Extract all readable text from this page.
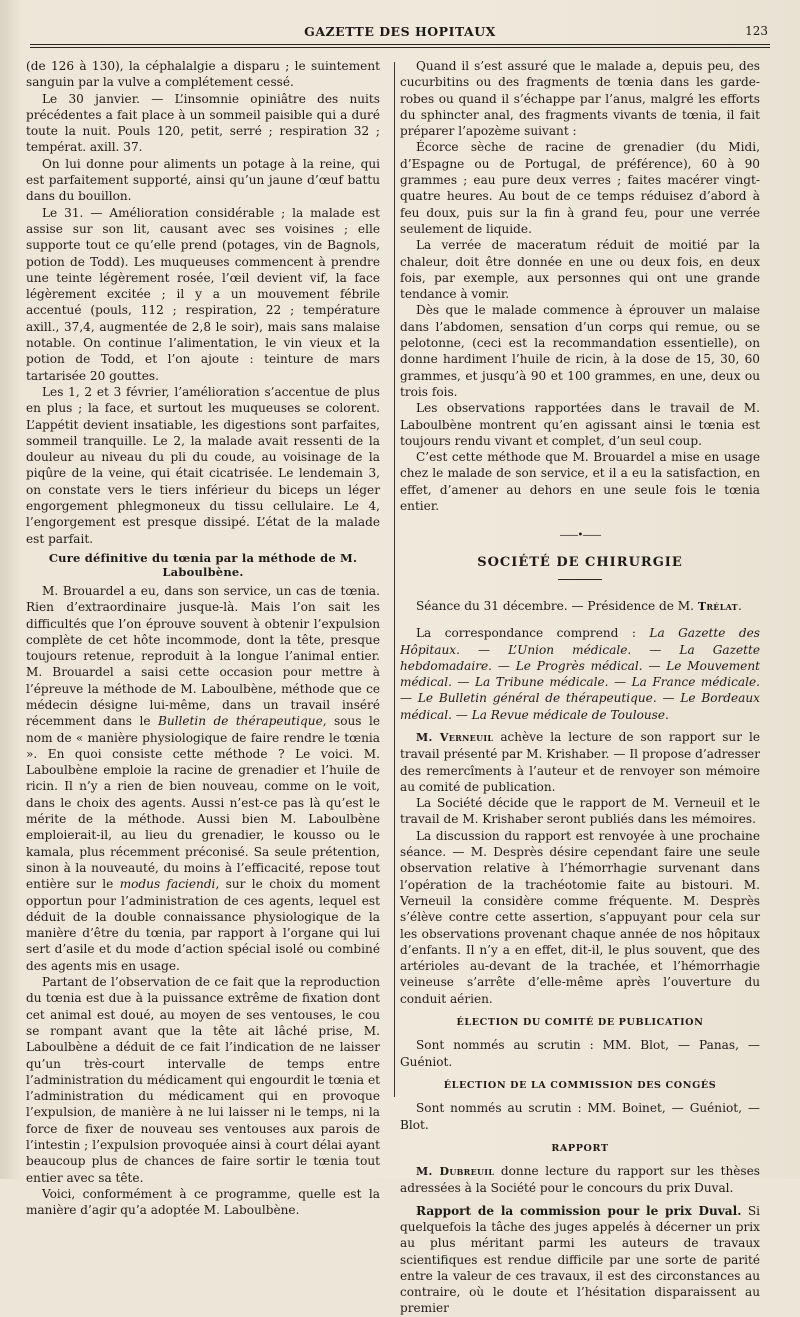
GAZETTE DES HOPITAUX	123

(de 126 à 130), la céphalalgie a disparu ; le suintement sanguin par la vulve a complétement cessé.

Le 30 janvier. — L’insomnie opiniâtre des nuits précédentes a fait place à un sommeil paisible qui a duré toute la nuit. Pouls 120, petit, serré ; respiration 32 ; températ. axill. 37.

On lui donne pour aliments un potage à la reine, qui est parfaitement supporté, ainsi qu’un jaune d’œuf battu dans du bouillon.

Le 31. — Amélioration considérable ; la malade est assise sur son lit, causant avec ses voisines ; elle supporte tout ce qu’elle prend (potages, vin de Bagnols, potion de Todd). Les muqueuses commencent à prendre une teinte légèrement rosée, l’œil devient vif, la face légèrement excitée ; il y a un mouvement fébrile accentué (pouls, 112 ; respiration, 22 ; température axill., 37,4, augmentée de 2,8 le soir), mais sans malaise notable. On continue l’alimentation, le vin vieux et la potion de Todd, et l’on ajoute : teinture de mars tartarisée 20 gouttes.

Les 1, 2 et 3 février, l’amélioration s’accentue de plus en plus ; la face, et surtout les muqueuses se colorent. L’appétit devient insatiable, les digestions sont parfaites, sommeil tranquille. Le 2, la malade avait ressenti de la douleur au niveau du pli du coude, au voisinage de la piqûre de la veine, qui était cicatrisée. Le lendemain 3, on constate vers le tiers inférieur du biceps un léger engorgement phlegmoneux du tissu cellulaire. Le 4, l’engorgement est presque dissipé. L’état de la malade est parfait.

Cure définitive du tœnia par la méthode de M. Laboulbène.

M. Brouardel a eu, dans son service, un cas de tœnia. Rien d’extraordinaire jusque-là. Mais l’on sait les difficultés que l’on éprouve souvent à obtenir l’expulsion complète de cet hôte incommode, dont la tête, presque toujours retenue, reproduit à la longue l’animal entier. M. Brouardel a saisi cette occasion pour mettre à l’épreuve la méthode de M. Laboulbène, méthode que ce médecin désigne lui-même, dans un travail inséré récemment dans le Bulletin de thérapeutique, sous le nom de « manière physiologique de faire rendre le tœnia ». En quoi consiste cette méthode ? Le voici. M. Laboulbène emploie la racine de grenadier et l’huile de ricin. Il n’y a rien de bien nouveau, comme on le voit, dans le choix des agents. Aussi n’est-ce pas là qu’est le mérite de la méthode. Aussi bien M. Laboulbène emploierait-il, au lieu du grenadier, le kousso ou le kamala, plus récemment préconisé. Sa seule prétention, sinon à la nouveauté, du moins à l’efficacité, repose tout entière sur le modus faciendi, sur le choix du moment opportun pour l’administration de ces agents, lequel est déduit de la double connaissance physiologique de la manière d’être du tœnia, par rapport à l’organe qui lui sert d’asile et du mode d’action spécial isolé ou combiné des agents mis en usage.

Partant de l’observation de ce fait que la reproduction du tœnia est due à la puissance extrême de fixation dont cet animal est doué, au moyen de ses ventouses, le cou se rompant avant que la tête ait lâché prise, M. Laboulbène a déduit de ce fait l’indication de ne laisser qu’un très-court intervalle de temps entre l’administration du médicament qui engourdit le tœnia et l’administration du médicament qui en provoque l’expulsion, de manière à ne lui laisser ni le temps, ni la force de fixer de nouveau ses ventouses aux parois de l’intestin ; l’expulsion provoquée ainsi à court délai ayant beaucoup plus de chances de faire sortir le tœnia tout entier avec sa tête.

Voici, conformément à ce programme, quelle est la manière d’agir qu’a adoptée M. Laboulbène.

Quand il s’est assuré que le malade a, depuis peu, des cucurbitins ou des fragments de tœnia dans les garde-robes ou quand il s’échappe par l’anus, malgré les efforts du sphincter anal, des fragments vivants de tœnia, il fait préparer l’apozème suivant :

Écorce sèche de racine de grenadier (du Midi, d’Espagne ou de Portugal, de préférence), 60 à 90 grammes ; eau pure deux verres ; faites macérer vingt-quatre heures. Au bout de ce temps réduisez d’abord à feu doux, puis sur la fin à grand feu, pour une verrée seulement de liquide.

La verrée de maceratum réduit de moitié par la chaleur, doit être donnée en une ou deux fois, en deux fois, par exemple, aux personnes qui ont une grande tendance à vomir.

Dès que le malade commence à éprouver un malaise dans l’abdomen, sensation d’un corps qui remue, ou se pelotonne, (ceci est la recommandation essentielle), on donne hardiment l’huile de ricin, à la dose de 15, 30, 60 grammes, et jusqu’à 90 et 100 grammes, en une, deux ou trois fois.

Les observations rapportées dans le travail de M. Laboulbène montrent qu’en agissant ainsi le tœnia est toujours rendu vivant et complet, d’un seul coup.

C’est cette méthode que M. Brouardel a mise en usage chez le malade de son service, et il a eu la satisfaction, en effet, d’amener au dehors en une seule fois le tœnia entier.

——•——
SOCIÉTÉ DE CHIRURGIE

Séance du 31 décembre. — Présidence de M. Trélat.

La correspondance comprend : La Gazette des Hôpitaux. — L’Union médicale. — La Gazette hebdomadaire. — Le Progrès médical. — Le Mouvement médical. — La Tribune médicale. — La France médicale. — Le Bulletin général de thérapeutique. — Le Bordeaux médical. — La Revue médicale de Toulouse.

M. Verneuil achève la lecture de son rapport sur le travail présenté par M. Krishaber. — Il propose d’adresser des remercîments à l’auteur et de renvoyer son mémoire au comité de publication.

La Société décide que le rapport de M. Verneuil et le travail de M. Krishaber seront publiés dans les mémoires.

La discussion du rapport est renvoyée à une prochaine séance. — M. Desprès désire cependant faire une seule observation relative à l’hémorrhagie survenant dans l’opération de la trachéotomie faite au bistouri. M. Verneuil la considère comme fréquente. M. Desprès s’élève contre cette assertion, s’appuyant pour cela sur les observations provenant chaque année de nos hôpitaux d’enfants. Il n’y a en effet, dit-il, le plus souvent, que des artérioles au-devant de la trachée, et l’hémorrhagie veineuse s’arrête d’elle-même après l’ouverture du conduit aérien.

ÉLECTION DU COMITÉ DE PUBLICATION

Sont nommés au scrutin : MM. Blot, — Panas, — Guéniot.

ÉLECTION DE LA COMMISSION DES CONGÉS

Sont nommés au scrutin : MM. Boinet, — Guéniot, — Blot.

RAPPORT

M. Dubreuil donne lecture du rapport sur les thèses adressées à la Société pour le concours du prix Duval.

Rapport de la commission pour le prix Duval. Si quelquefois la tâche des juges appelés à décerner un prix au plus méritant parmi les auteurs de travaux scientifiques est rendue difficile par une sorte de parité entre la valeur de ces travaux, il est des circonstances au contraire, où le doute et l’hésitation disparaissent au premier
